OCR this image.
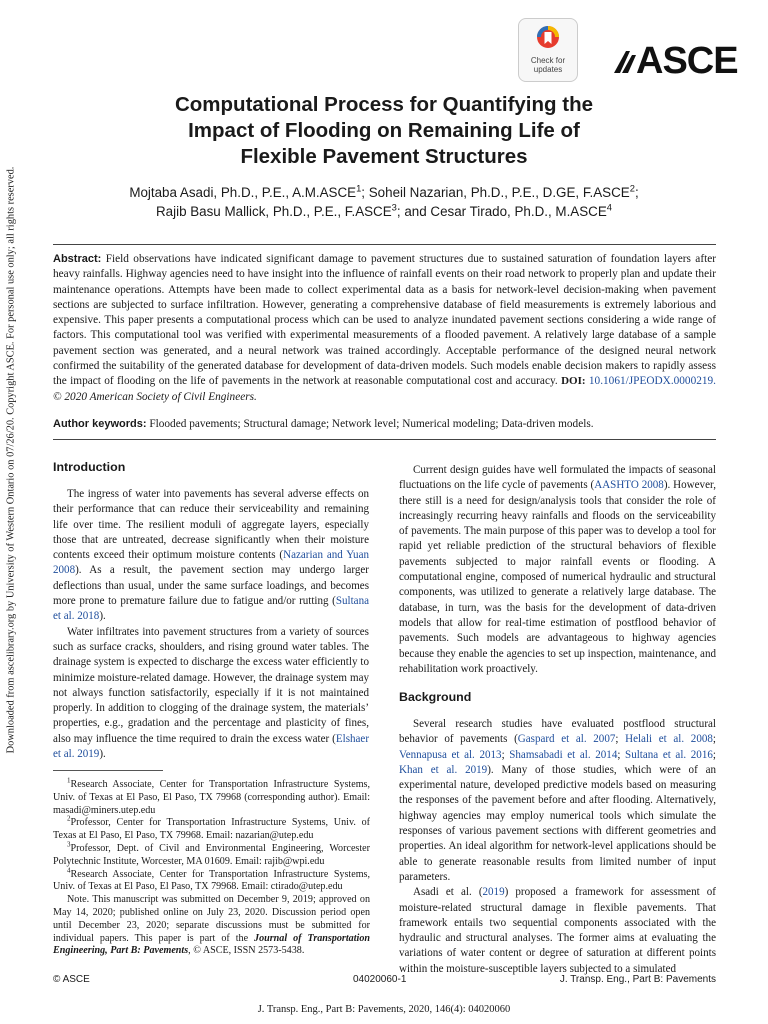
Downloaded from ascelibrary.org by University of Western Ontario on 07/26/20. Copyright ASCE. For personal use only; all rights reserved.
Check for
updates	ASCE
Computational Process for Quantifying the
Impact of Flooding on Remaining Life of
Flexible Pavement Structures
Mojtaba Asadi, Ph.D., P.E., A.M.ASCE$^1$; Soheil Nazarian, Ph.D., P.E., D.GE, F.ASCE$^2$;
Rajib Basu Mallick, Ph.D., P.E., F.ASCE$^3$; and Cesar Tirado, Ph.D., M.ASCE$^4$
Abstract: Field observations have indicated significant damage to pavement structures due to sustained saturation of foundation layers after heavy rainfalls. Highway agencies need to have insight into the influence of rainfall events on their road network to properly plan and update their maintenance operations. Attempts have been made to collect experimental data as a basis for network-level decision-making when pavement sections are subjected to surface infiltration. However, generating a comprehensive database of field measurements is extremely laborious and expensive. This paper presents a computational process which can be used to analyze inundated pavement sections considering a wide range of factors. This computational tool was verified with experimental measurements of a flooded pavement. A relatively large database of a sample pavement section was generated, and a neural network was trained accordingly. Acceptable performance of the designed neural network confirmed the suitability of the generated database for development of data-driven models. Such models enable decision makers to rapidly assess the impact of flooding on the life of pavements in the network at reasonable computational cost and accuracy. DOI: 10.1061/JPEODX.0000219. © 2020 American Society of Civil Engineers.
Author keywords: Flooded pavements; Structural damage; Network level; Numerical modeling; Data-driven models.
Introduction

The ingress of water into pavements has several adverse effects on their performance that can reduce their serviceability and remaining life over time. The resilient moduli of aggregate layers, especially those that are untreated, decrease significantly when their moisture contents exceed their optimum moisture contents (Nazarian and Yuan 2008). As a result, the pavement section may undergo larger deflections than usual, under the same surface loadings, and becomes more prone to premature failure due to fatigue and/or rutting (Sultana et al. 2018).

Water infiltrates into pavement structures from a variety of sources such as surface cracks, shoulders, and rising ground water tables. The drainage system is expected to discharge the excess water efficiently to minimize moisture-related damage. However, the drainage system may not always function satisfactorily, especially if it is not maintained properly. In addition to clogging of the drainage system, the materials’ properties, e.g., gradation and the percentage and plasticity of fines, also may influence the time required to drain the excess water (Elshaer et al. 2019).

$^1$Research Associate, Center for Transportation Infrastructure Systems, Univ. of Texas at El Paso, El Paso, TX 79968 (corresponding author). Email: masadi@miners.utep.edu

$^2$Professor, Center for Transportation Infrastructure Systems, Univ. of Texas at El Paso, El Paso, TX 79968. Email: nazarian@utep.edu

$^3$Professor, Dept. of Civil and Environmental Engineering, Worcester Polytechnic Institute, Worcester, MA 01609. Email: rajib@wpi.edu

$^4$Research Associate, Center for Transportation Infrastructure Systems, Univ. of Texas at El Paso, El Paso, TX 79968. Email: ctirado@utep.edu

Note. This manuscript was submitted on December 9, 2019; approved on May 14, 2020; published online on July 23, 2020. Discussion period open until December 23, 2020; separate discussions must be submitted for individual papers. This paper is part of the Journal of Transportation Engineering, Part B: Pavements, © ASCE, ISSN 2573-5438.

Current design guides have well formulated the impacts of seasonal fluctuations on the life cycle of pavements (AASHTO 2008). However, there still is a need for design/analysis tools that consider the role of increasingly recurring heavy rainfalls and floods on the serviceability of pavements. The main purpose of this paper was to develop a tool for rapid yet reliable prediction of the structural behaviors of flexible pavements subjected to major rainfall events or flooding. A computational engine, composed of numerical hydraulic and structural components, was utilized to generate a relatively large database. The database, in turn, was the basis for the development of data-driven models that allow for real-time estimation of postflood behavior of pavements. Such models are advantageous to highway agencies because they enable the agencies to set up inspection, maintenance, and rehabilitation work proactively.

Background

Several research studies have evaluated postflood structural behavior of pavements (Gaspard et al. 2007; Helali et al. 2008; Vennapusa et al. 2013; Shamsabadi et al. 2014; Sultana et al. 2016; Khan et al. 2019). Many of those studies, which were of an experimental nature, developed predictive models based on measuring the responses of the pavement before and after flooding. Alternatively, highway agencies may employ numerical tools which simulate the responses of various pavement sections with different geometries and properties. An ideal algorithm for network-level applications should be able to generate reasonable results from limited number of input parameters.

Asadi et al. (2019) proposed a framework for assessment of moisture-related structural damage in flexible pavements. That framework entails two sequential components associated with the hydraulic and structural analyses. The former aims at evaluating the variations of water content or degree of saturation at different points within the moisture-susceptible layers subjected to a simulated

© ASCE	04020060-1	J. Transp. Eng., Part B: Pavements
J. Transp. Eng., Part B: Pavements, 2020, 146(4): 04020060
